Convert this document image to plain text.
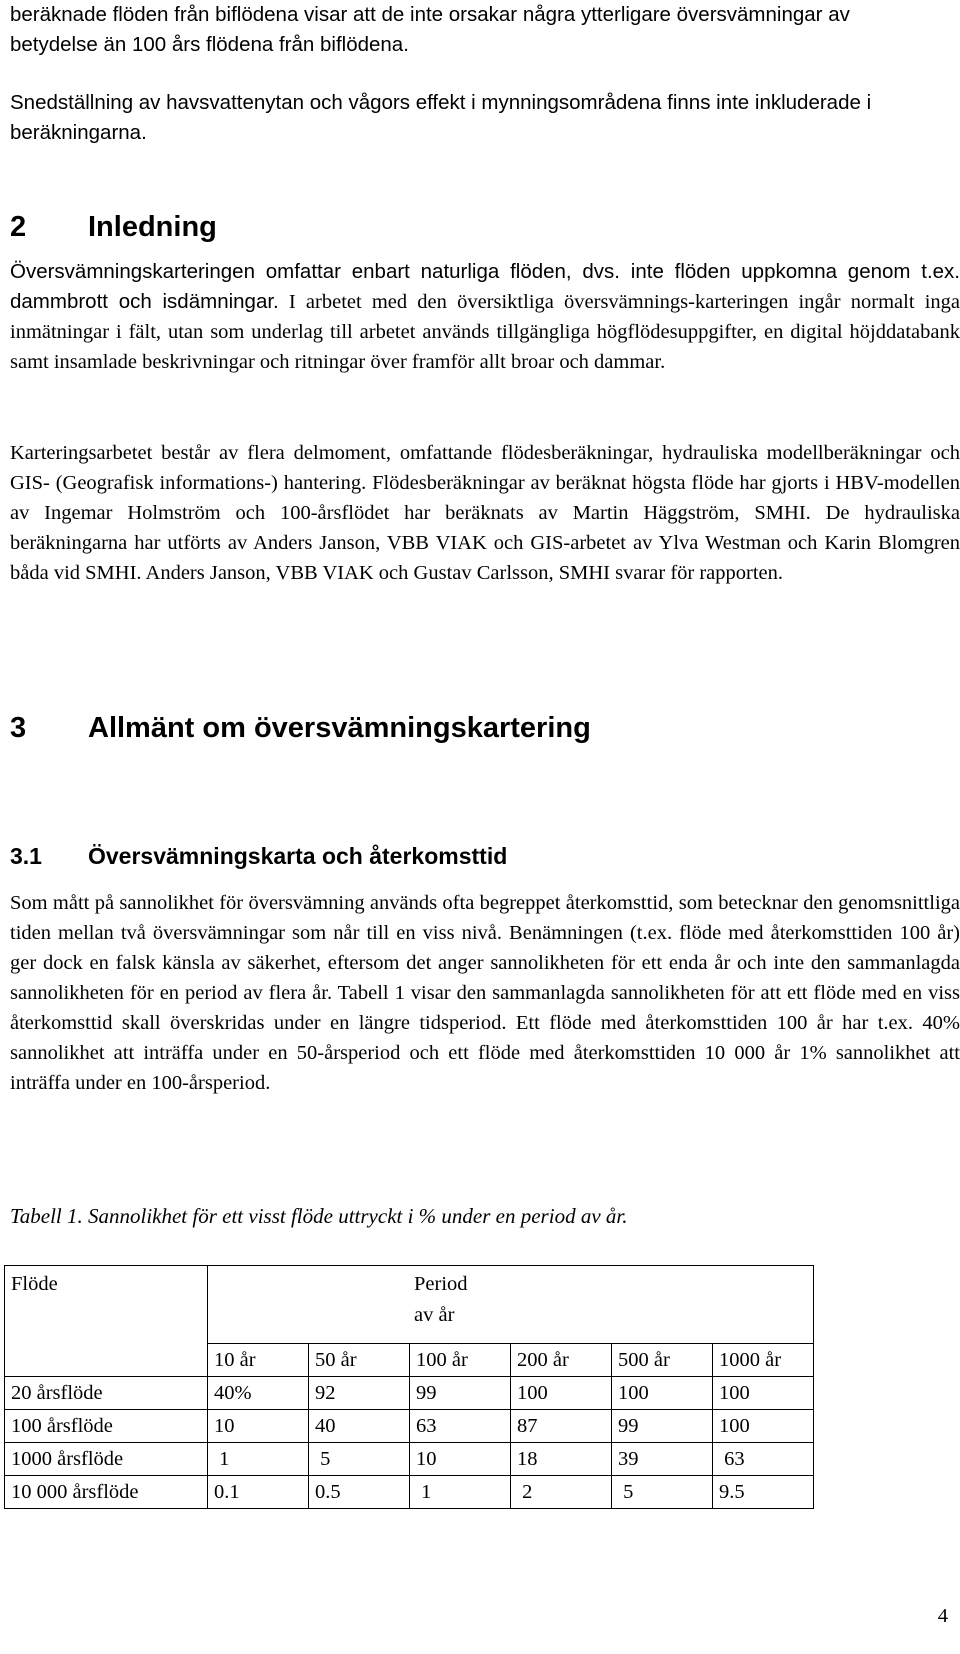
beräknade flöden från biflödena visar att de inte orsakar några ytterligare översvämningar av betydelse än 100 års flödena från biflödena.

Snedställning av havsvattenytan och vågors effekt i mynningsområdena finns inte inkluderade i beräkningarna.

2 Inledning

Översvämningskarteringen omfattar enbart naturliga flöden, dvs. inte flöden uppkomna genom t.ex. dammbrott och isdämningar. I arbetet med den översiktliga översvämnings-karteringen ingår normalt inga inmätningar i fält, utan som underlag till arbetet används tillgängliga högflödesuppgifter, en digital höjddatabank samt insamlade beskrivningar och ritningar över framför allt broar och dammar.

Karteringsarbetet består av flera delmoment, omfattande flödesberäkningar, hydrauliska modellberäkningar och GIS- (Geografisk informations-) hantering. Flödesberäkningar av beräknat högsta flöde har gjorts i HBV-modellen av Ingemar Holmström och 100-årsflödet har beräknats av Martin Häggström, SMHI. De hydrauliska beräkningarna har utförts av Anders Janson, VBB VIAK och GIS-arbetet av Ylva Westman och Karin Blomgren båda vid SMHI. Anders Janson, VBB VIAK och Gustav Carlsson, SMHI svarar för rapporten.

3 Allmänt om översvämningskartering
3.1 Översvämningskarta och återkomsttid

Som mått på sannolikhet för översvämning används ofta begreppet återkomsttid, som betecknar den genomsnittliga tiden mellan två översvämningar som når till en viss nivå. Benämningen (t.ex. flöde med återkomsttiden 100 år) ger dock en falsk känsla av säkerhet, eftersom det anger sannolikheten för ett enda år och inte den sammanlagda sannolikheten för en period av flera år. Tabell 1 visar den sammanlagda sannolikheten för att ett flöde med en viss återkomsttid skall överskridas under en längre tidsperiod. Ett flöde med återkomsttiden 100 år har t.ex. 40% sannolikhet att inträffa under en 50-årsperiod och ett flöde med återkomsttiden 10 000 år 1% sannolikhet att inträffa under en 100-årsperiod.

Tabell 1. Sannolikhet för ett visst flöde uttryckt i % under en period av år.

Flöde	Period
av år					

	10 år	50 år	100 år	200 år	500 år	1000 år
20 årsflöde	40%	92	99	100	100	100
100 årsflöde	10	40	63	87	99	100
1000 årsflöde	1	5	10	18	39	63
10 000 årsflöde	0.1	0.5	1	2	5	9.5
4
